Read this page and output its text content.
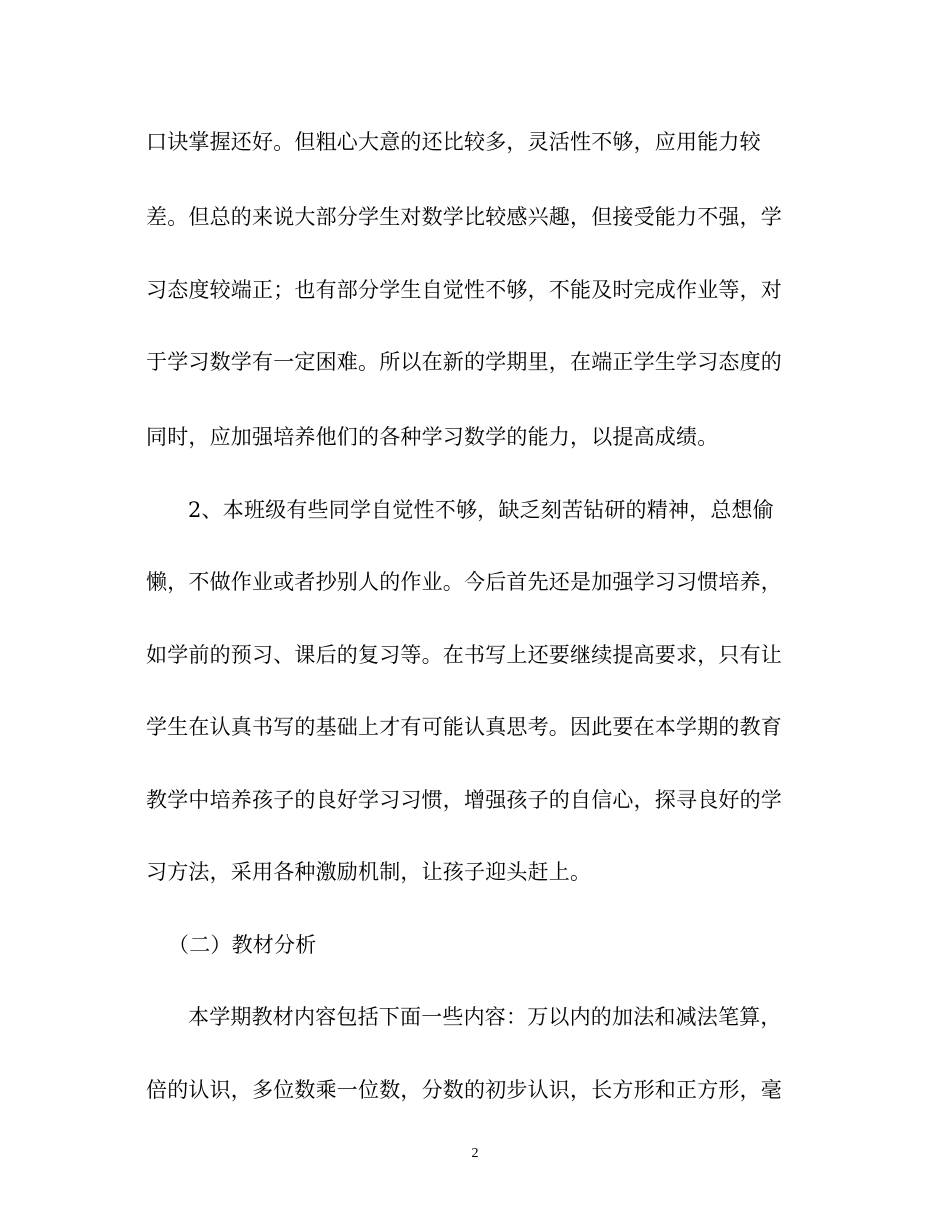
口诀掌握还好。但粗心大意的还比较多，灵活性不够，应用能力较
差。但总的来说大部分学生对数学比较感兴趣，但接受能力不强，学
习态度较端正；也有部分学生自觉性不够，不能及时完成作业等，对
于学习数学有一定困难。所以在新的学期里，在端正学生学习态度的
同时，应加强培养他们的各种学习数学的能力，以提高成绩。
2、本班级有些同学自觉性不够，缺乏刻苦钻研的精神，总想偷
懒，不做作业或者抄别人的作业。今后首先还是加强学习习惯培养，
如学前的预习、课后的复习等。在书写上还要继续提高要求，只有让
学生在认真书写的基础上才有可能认真思考。因此要在本学期的教育
教学中培养孩子的良好学习习惯，增强孩子的自信心，探寻良好的学
习方法，采用各种激励机制，让孩子迎头赶上。
（二）教材分析
本学期教材内容包括下面一些内容：万以内的加法和减法笔算，
倍的认识，多位数乘一位数，分数的初步认识，长方形和正方形，毫
2
